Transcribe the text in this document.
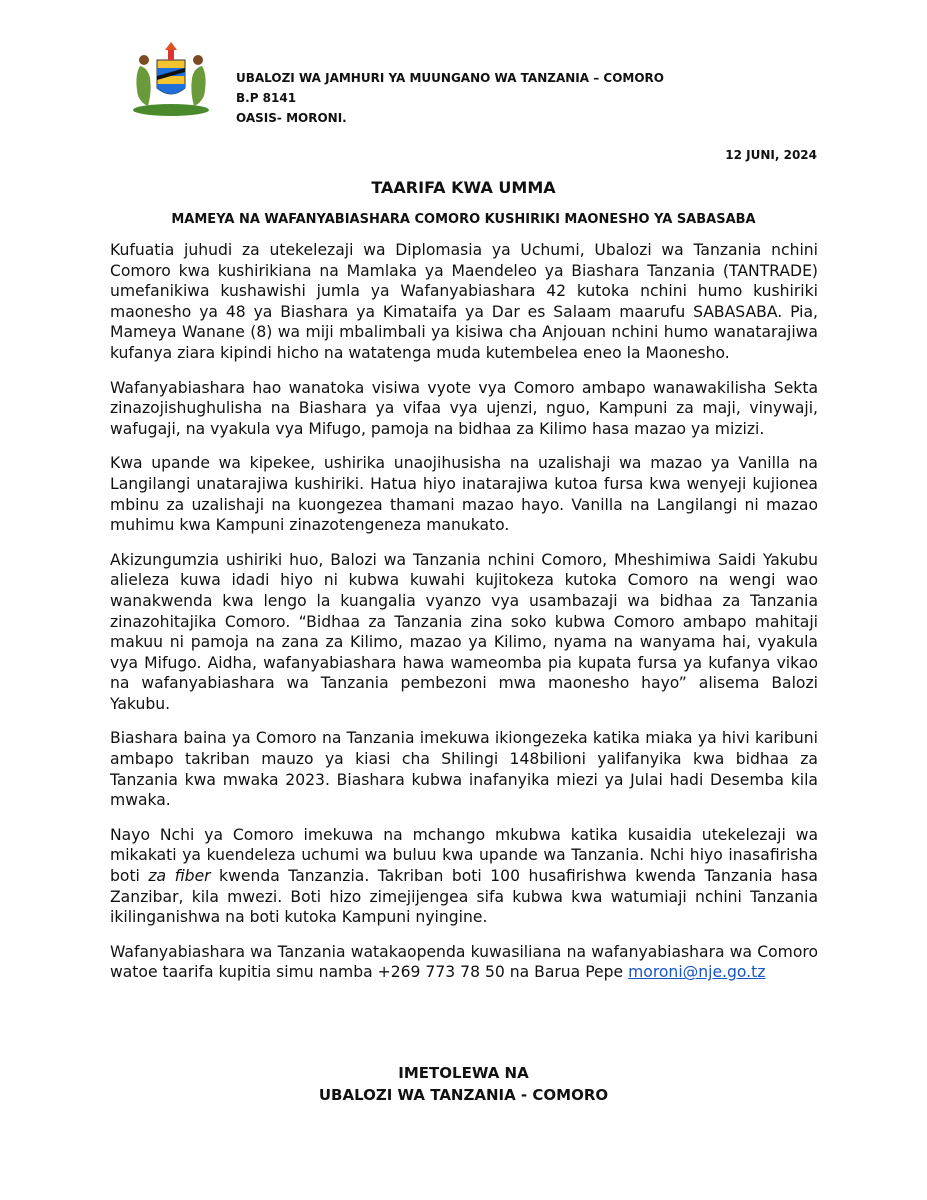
UBALOZI WA JAMHURI YA MUUNGANO WA TANZANIA – COMORO
B.P 8141
OASIS- MORONI.
12 JUNI, 2024
TAARIFA KWA UMMA
MAMEYA NA WAFANYABIASHARA COMORO KUSHIRIKI MAONESHO YA SABASABA

Kufuatia juhudi za utekelezaji wa Diplomasia ya Uchumi, Ubalozi wa Tanzania nchini Comoro kwa kushirikiana na Mamlaka ya Maendeleo ya Biashara Tanzania (TANTRADE) umefanikiwa kushawishi jumla ya Wafanyabiashara 42 kutoka nchini humo kushiriki maonesho ya 48 ya Biashara ya Kimataifa ya Dar es Salaam maarufu SABASABA. Pia, Mameya Wanane (8) wa miji mbalimbali ya kisiwa cha Anjouan nchini humo wanatarajiwa kufanya ziara kipindi hicho na watatenga muda kutembelea eneo la Maonesho.

Wafanyabiashara hao wanatoka visiwa vyote vya Comoro ambapo wanawakilisha Sekta zinazojishughulisha na Biashara ya vifaa vya ujenzi, nguo, Kampuni za maji, vinywaji, wafugaji, na vyakula vya Mifugo, pamoja na bidhaa za Kilimo hasa mazao ya mizizi.

Kwa upande wa kipekee, ushirika unaojihusisha na uzalishaji wa mazao ya Vanilla na Langilangi unatarajiwa kushiriki. Hatua hiyo inatarajiwa kutoa fursa kwa wenyeji kujionea mbinu za uzalishaji na kuongezea thamani mazao hayo. Vanilla na Langilangi ni mazao muhimu kwa Kampuni zinazotengeneza manukato.

Akizungumzia ushiriki huo, Balozi wa Tanzania nchini Comoro, Mheshimiwa Saidi Yakubu alieleza kuwa idadi hiyo ni kubwa kuwahi kujitokeza kutoka Comoro na wengi wao wanakwenda kwa lengo la kuangalia vyanzo vya usambazaji wa bidhaa za Tanzania zinazohitajika Comoro. “Bidhaa za Tanzania zina soko kubwa Comoro ambapo mahitaji makuu ni pamoja na zana za Kilimo, mazao ya Kilimo, nyama na wanyama hai, vyakula vya Mifugo. Aidha, wafanyabiashara hawa wameomba pia kupata fursa ya kufanya vikao na wafanyabiashara wa Tanzania pembezoni mwa maonesho hayo” alisema Balozi Yakubu.

Biashara baina ya Comoro na Tanzania imekuwa ikiongezeka katika miaka ya hivi karibuni ambapo takriban mauzo ya kiasi cha Shilingi 148bilioni yalifanyika kwa bidhaa za Tanzania kwa mwaka 2023. Biashara kubwa inafanyika miezi ya Julai hadi Desemba kila mwaka.

Nayo Nchi ya Comoro imekuwa na mchango mkubwa katika kusaidia utekelezaji wa mikakati ya kuendeleza uchumi wa buluu kwa upande wa Tanzania. Nchi hiyo inasafirisha boti za fiber kwenda Tanzanzia. Takriban boti 100 husafirishwa kwenda Tanzania hasa Zanzibar, kila mwezi. Boti hizo zimejijengea sifa kubwa kwa watumiaji nchini Tanzania ikilinganishwa na boti kutoka Kampuni nyingine.

Wafanyabiashara wa Tanzania watakaopenda kuwasiliana na wafanyabiashara wa Comoro watoe taarifa kupitia simu namba +269 773 78 50 na Barua Pepe moroni@nje.go.tz

IMETOLEWA NA
UBALOZI WA TANZANIA - COMORO
